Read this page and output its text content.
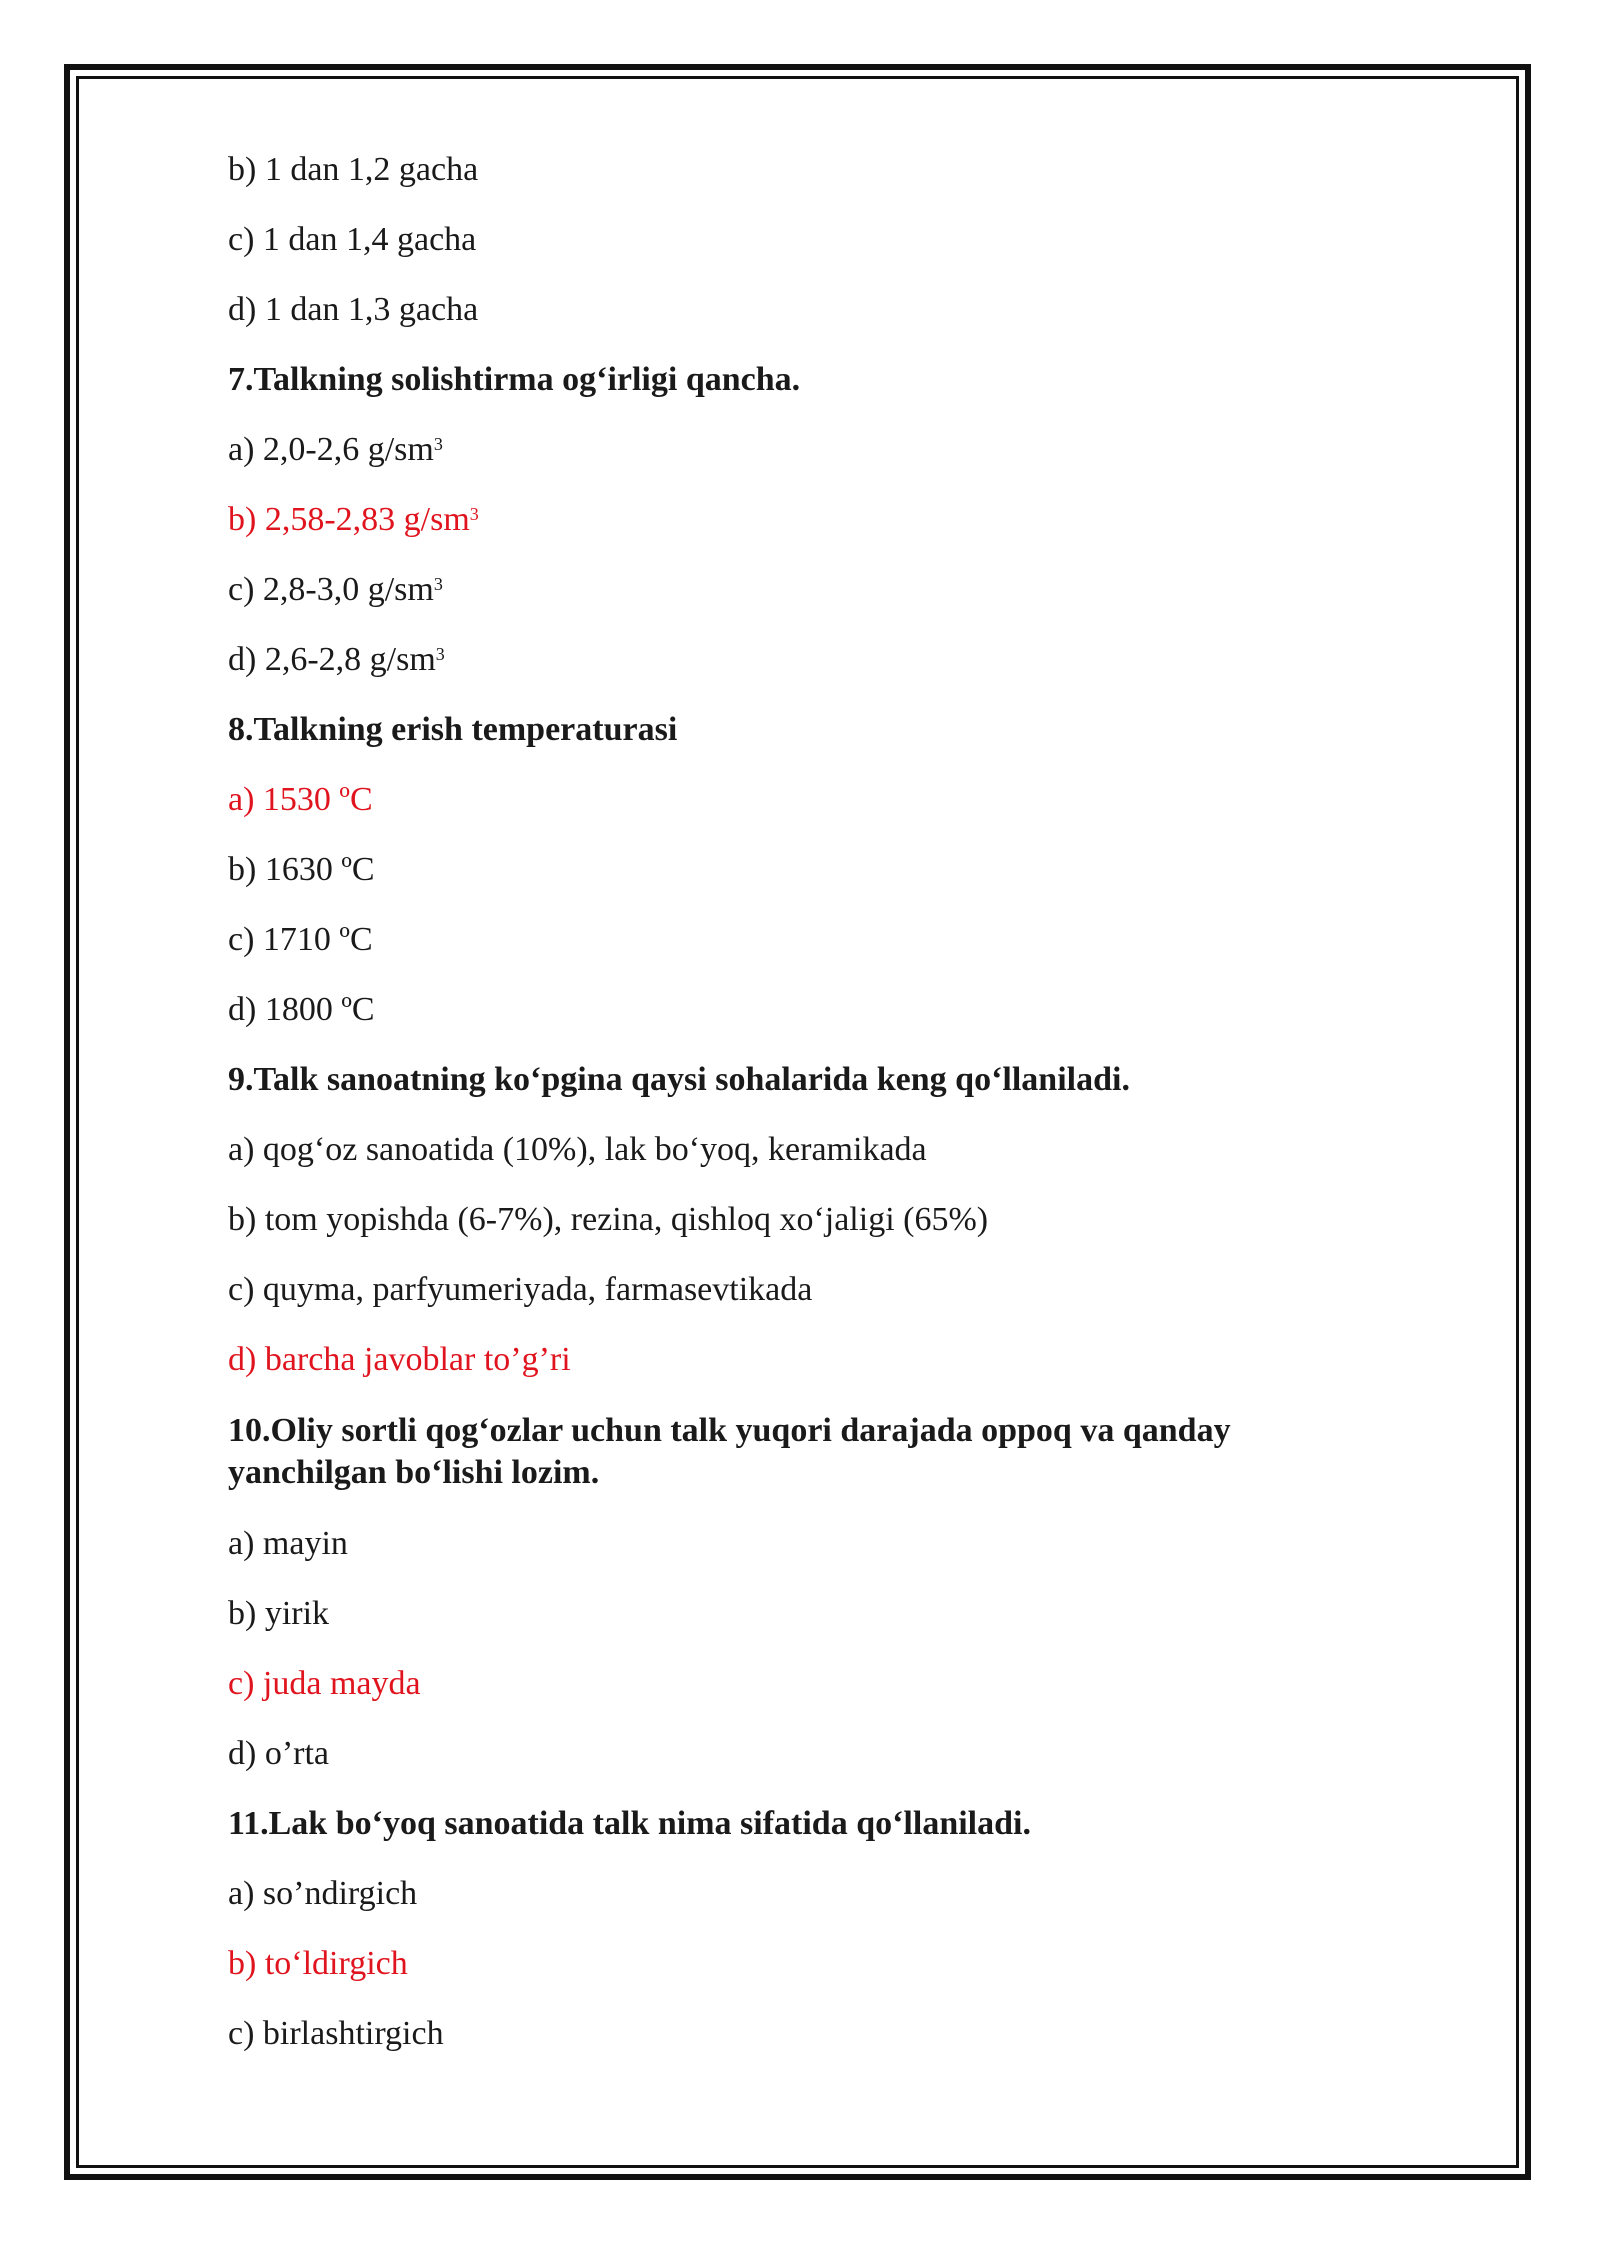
b) 1 dan 1,2 gacha
c) 1 dan 1,4 gacha
d) 1 dan 1,3 gacha
7.Talkning solishtirma og‘irligi qancha.
a) 2,0-2,6 $g/sm^3$
b) 2,58-2,83 $g/sm^3$
c) 2,8-3,0 $g/sm^3$
d) 2,6-2,8 $g/sm^3$
8.Talkning erish temperaturasi
a) 1530 ºC
b) 1630 ºC
c) 1710 ºC
d) 1800 ºC
9.Talk sanoatning ko‘pgina qaysi sohalarida keng qo‘llaniladi.
a) qog‘oz sanoatida (10%), lak bo‘yoq, keramikada
b) tom yopishda (6-7%), rezina, qishloq xo‘jaligi (65%)
c) quyma, parfyumeriyada, farmasevtikada
d) barcha javoblar to’g’ri
10.Oliy sortli qog‘ozlar uchun talk yuqori darajada oppoq va qanday yanchilgan bo‘lishi lozim.
a) mayin
b) yirik
c) juda mayda
d) o’rta
11.Lak bo‘yoq sanoatida talk nima sifatida qo‘llaniladi.
a) so’ndirgich
b) to‘ldirgich
c) birlashtirgich
